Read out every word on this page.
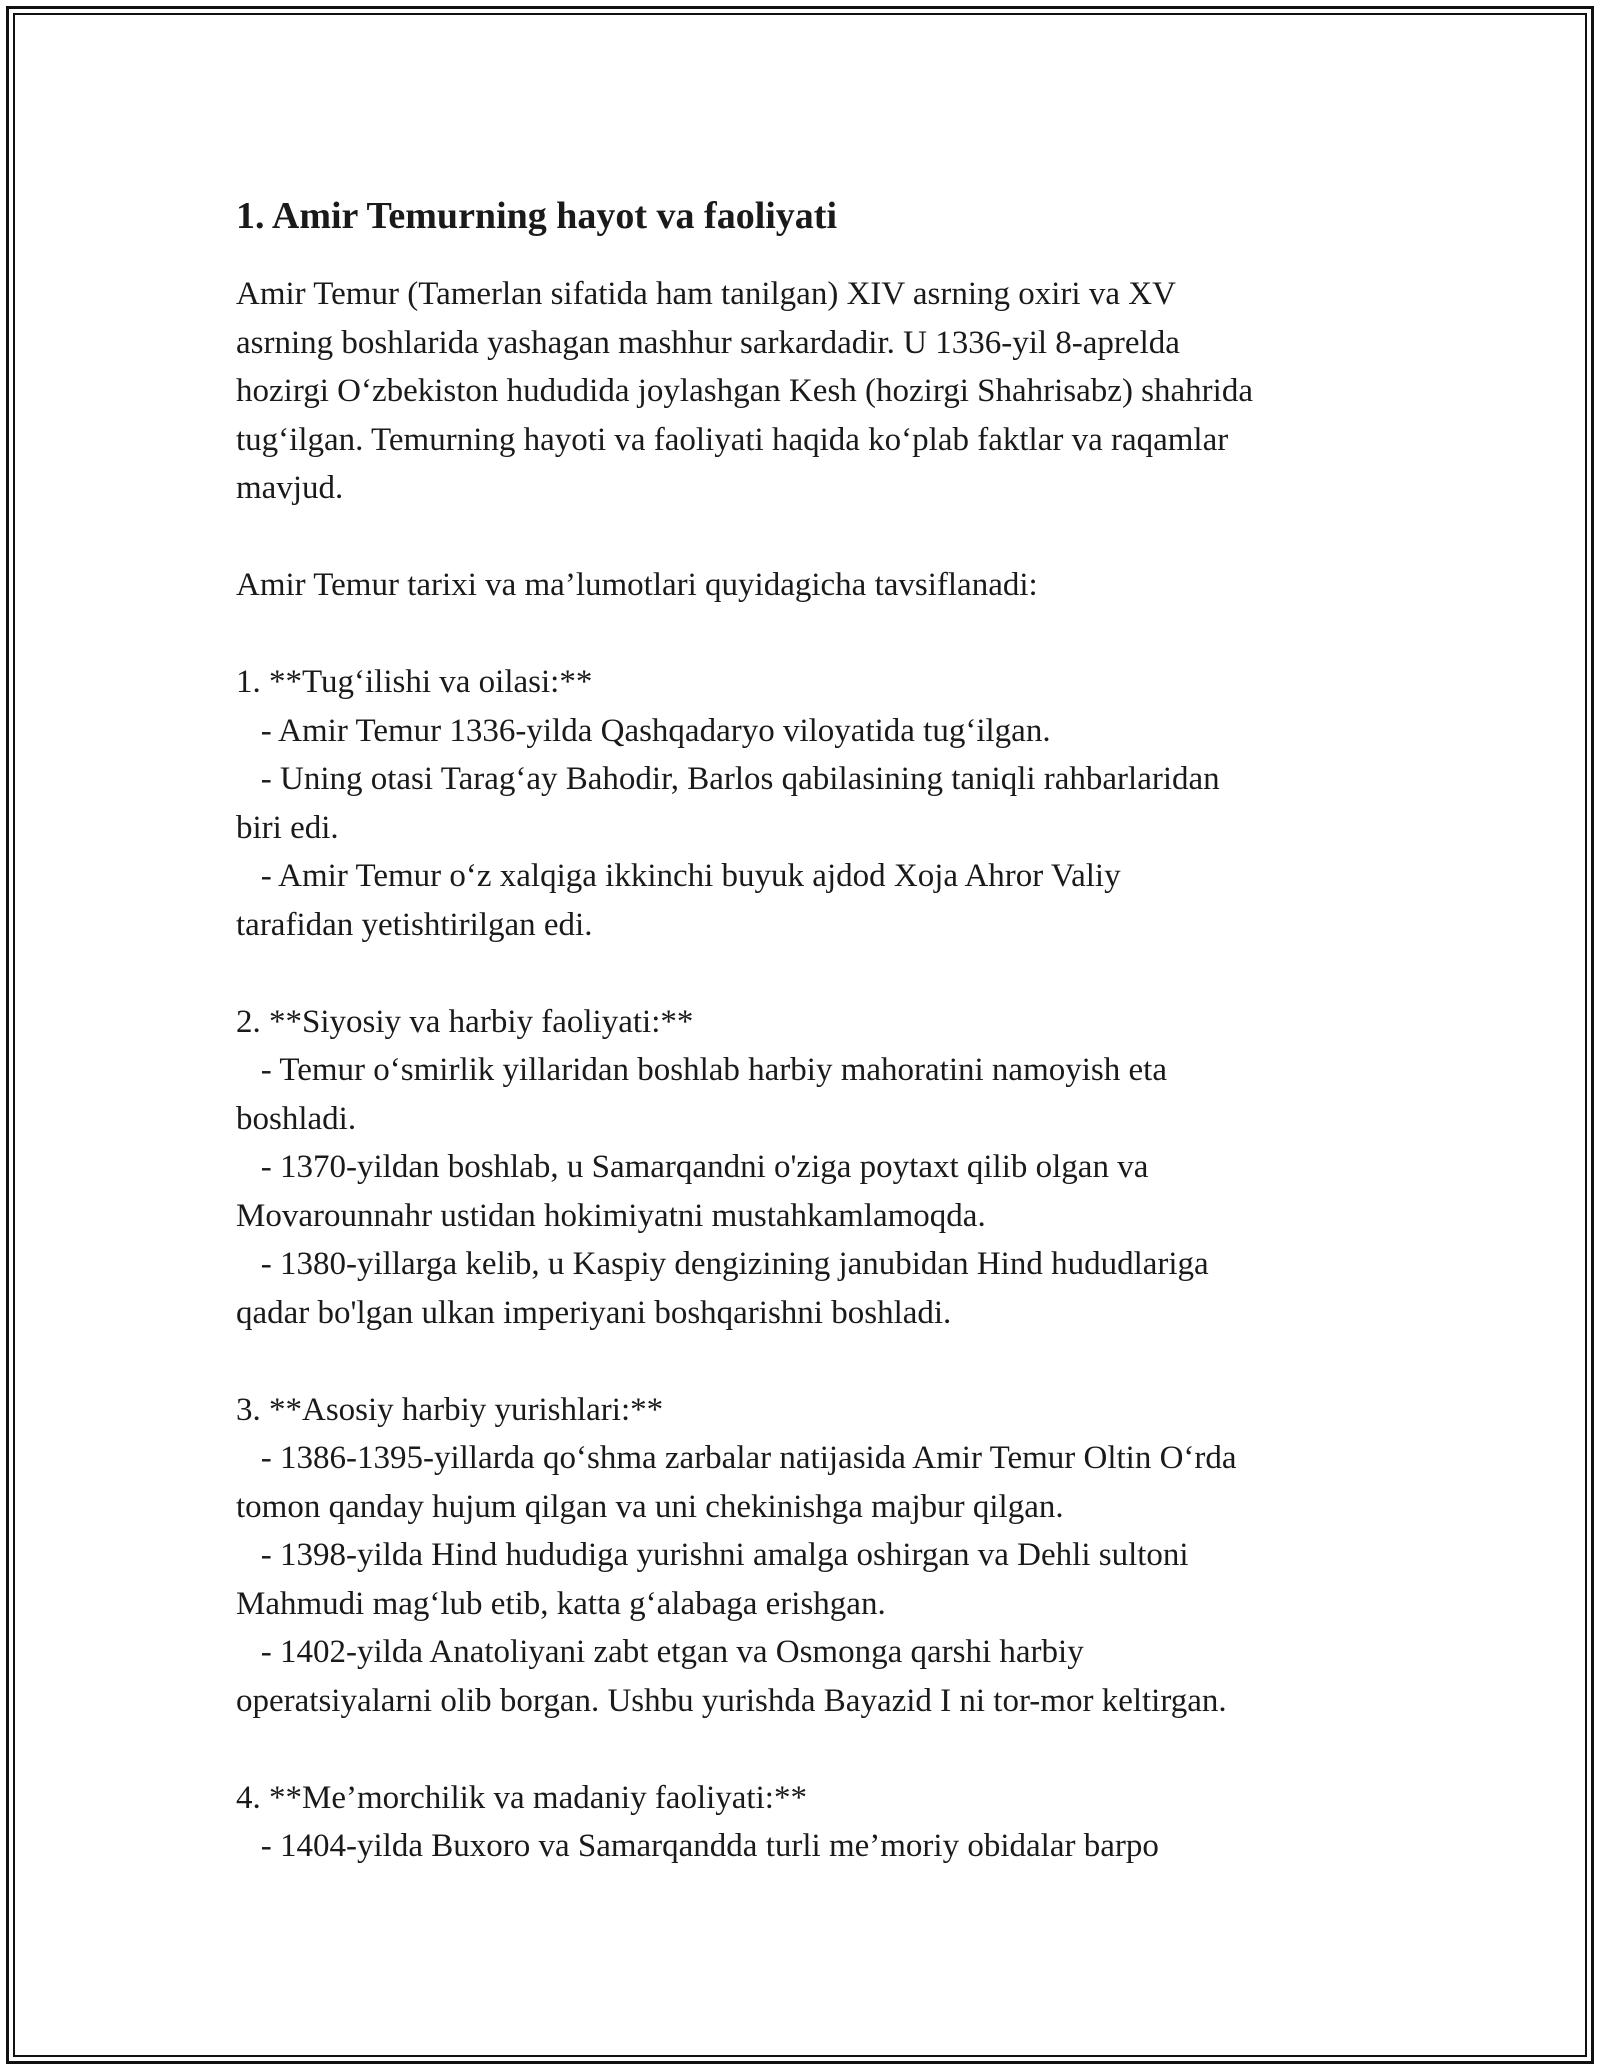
1. Amir Temurning hayot va faoliyati
Amir Temur (Tamerlan sifatida ham tanilgan) XIV asrning oxiri va XV
asrning boshlarida yashagan mashhur sarkardadir. U 1336-yil 8-aprelda
hozirgi O‘zbekiston hududida joylashgan Kesh (hozirgi Shahrisabz) shahrida
tug‘ilgan. Temurning hayoti va faoliyati haqida ko‘plab faktlar va raqamlar
mavjud.
Amir Temur tarixi va ma’lumotlari quyidagicha tavsiflanadi:
1. **Tug‘ilishi va oilasi:**
- Amir Temur 1336-yilda Qashqadaryo viloyatida tug‘ilgan.
- Uning otasi Tarag‘ay Bahodir, Barlos qabilasining taniqli rahbarlaridan
biri edi.
- Amir Temur o‘z xalqiga ikkinchi buyuk ajdod Xoja Ahror Valiy
tarafidan yetishtirilgan edi.
2. **Siyosiy va harbiy faoliyati:**
- Temur o‘smirlik yillaridan boshlab harbiy mahoratini namoyish eta
boshladi.
- 1370-yildan boshlab, u Samarqandni o'ziga poytaxt qilib olgan va
Movarounnahr ustidan hokimiyatni mustahkamlamoqda.
- 1380-yillarga kelib, u Kaspiy dengizining janubidan Hind hududlariga
qadar bo'lgan ulkan imperiyani boshqarishni boshladi.
3. **Asosiy harbiy yurishlari:**
- 1386-1395-yillarda qo‘shma zarbalar natijasida Amir Temur Oltin O‘rda
tomon qanday hujum qilgan va uni chekinishga majbur qilgan.
- 1398-yilda Hind hududiga yurishni amalga oshirgan va Dehli sultoni
Mahmudi mag‘lub etib, katta g‘alabaga erishgan.
- 1402-yilda Anatoliyani zabt etgan va Osmonga qarshi harbiy
operatsiyalarni olib borgan. Ushbu yurishda Bayazid I ni tor-mor keltirgan.
4. **Me’morchilik va madaniy faoliyati:**
- 1404-yilda Buxoro va Samarqandda turli me’moriy obidalar barpo
